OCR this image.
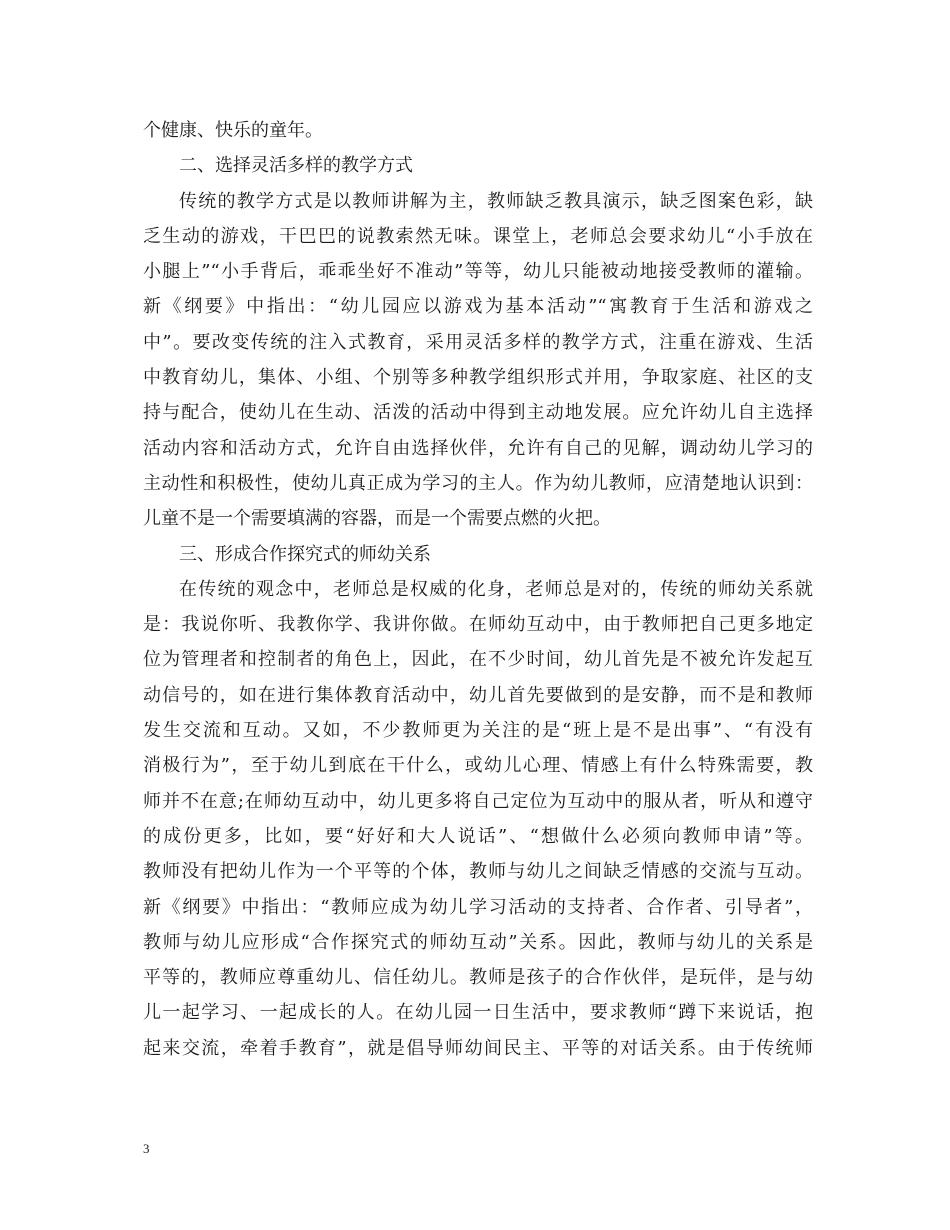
个健康、快乐的童年。
二、选择灵活多样的教学方式
传统的教学方式是以教师讲解为主，教师缺乏教具演示，缺乏图案色彩，缺
乏生动的游戏，干巴巴的说教索然无味。课堂上，老师总会要求幼儿“小手放在
小腿上”“小手背后，乖乖坐好不准动”等等，幼儿只能被动地接受教师的灌输。
新《纲要》中指出：“幼儿园应以游戏为基本活动”“寓教育于生活和游戏之
中”。要改变传统的注入式教育，采用灵活多样的教学方式，注重在游戏、生活
中教育幼儿，集体、小组、个别等多种教学组织形式并用，争取家庭、社区的支
持与配合，使幼儿在生动、活泼的活动中得到主动地发展。应允许幼儿自主选择
活动内容和活动方式，允许自由选择伙伴，允许有自己的见解，调动幼儿学习的
主动性和积极性，使幼儿真正成为学习的主人。作为幼儿教师，应清楚地认识到：
儿童不是一个需要填满的容器，而是一个需要点燃的火把。
三、形成合作探究式的师幼关系
在传统的观念中，老师总是权威的化身，老师总是对的，传统的师幼关系就
是：我说你听、我教你学、我讲你做。在师幼互动中，由于教师把自己更多地定
位为管理者和控制者的角色上，因此，在不少时间，幼儿首先是不被允许发起互
动信号的，如在进行集体教育活动中，幼儿首先要做到的是安静，而不是和教师
发生交流和互动。又如，不少教师更为关注的是“班上是不是出事”、“有没有
消极行为”，至于幼儿到底在干什么，或幼儿心理、情感上有什么特殊需要，教
师并不在意;在师幼互动中，幼儿更多将自己定位为互动中的服从者，听从和遵守
的成份更多，比如，要“好好和大人说话”、“想做什么必须向教师申请”等。
教师没有把幼儿作为一个平等的个体，教师与幼儿之间缺乏情感的交流与互动。
新《纲要》中指出：“教师应成为幼儿学习活动的支持者、合作者、引导者”，
教师与幼儿应形成“合作探究式的师幼互动”关系。因此，教师与幼儿的关系是
平等的，教师应尊重幼儿、信任幼儿。教师是孩子的合作伙伴，是玩伴，是与幼
儿一起学习、一起成长的人。在幼儿园一日生活中，要求教师“蹲下来说话，抱
起来交流，牵着手教育”，就是倡导师幼间民主、平等的对话关系。由于传统师
3
